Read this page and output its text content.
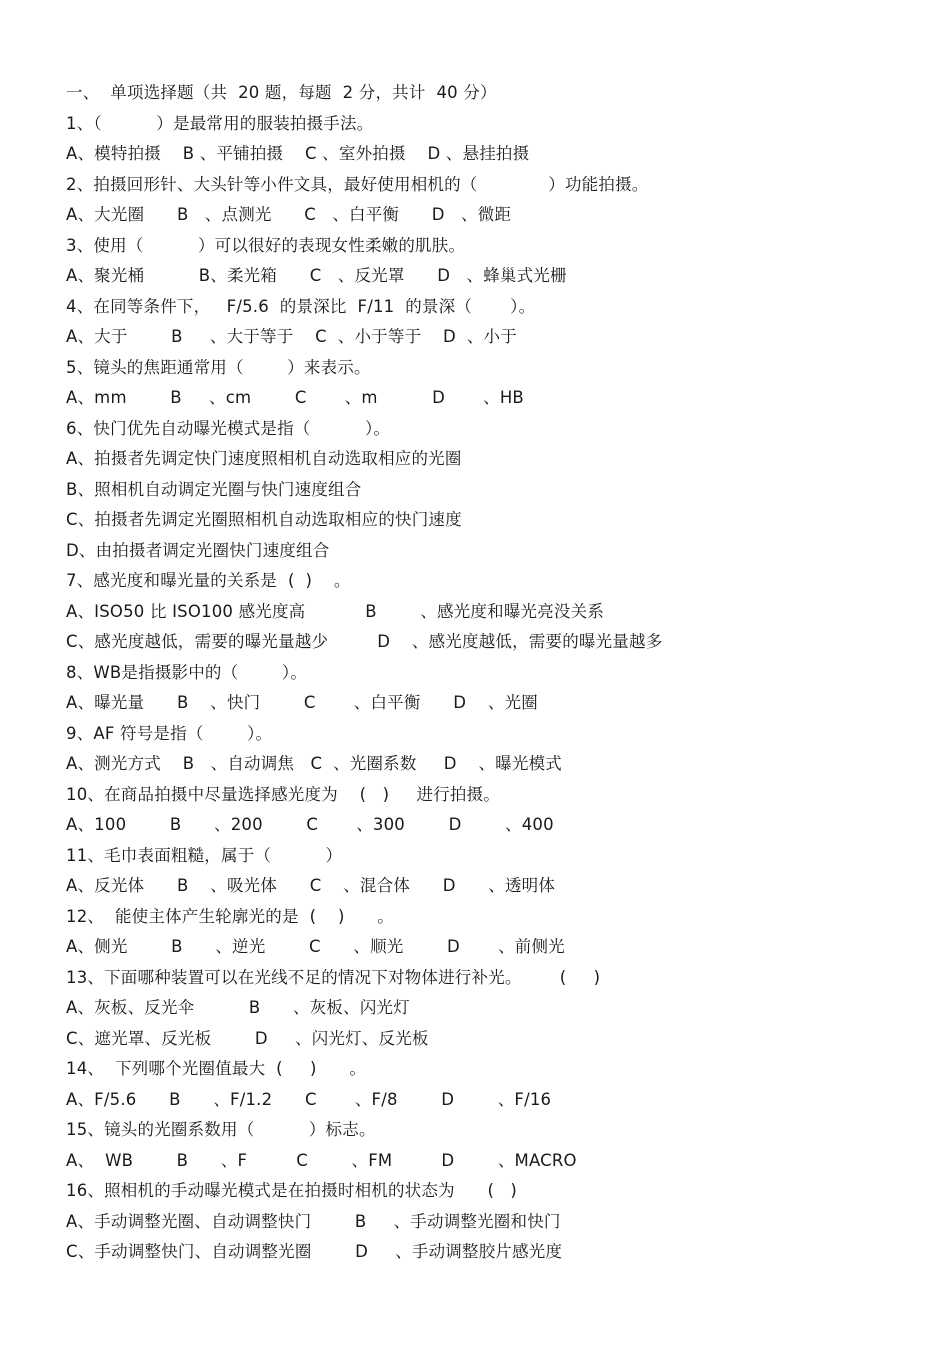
一、  单项选择题（共  20 题，每题  2 分，共计  40 分）
1、（          ）是最常用的服装拍摄手法。
A、模特拍摄    B 、平铺拍摄    C 、室外拍摄    D 、悬挂拍摄
2、拍摄回形针、大头针等小件文具，最好使用相机的（             ）功能拍摄。
A、大光圈      B   、点测光      C   、白平衡      D   、微距
3、使用（          ）可以很好的表现女性柔嫩的肌肤。
A、聚光桶          B、柔光箱      C   、反光罩      D   、蜂巢式光栅
4、在同等条件下，   F/5.6  的景深比  F/11  的景深（       ）。
A、大于        B     、大于等于    C  、小于等于    D  、小于
5、镜头的焦距通常用（        ）来表示。
A、mm        B     、cm        C       、m          D       、HB
6、快门优先自动曝光模式是指（          ）。
A、拍摄者先调定快门速度照相机自动选取相应的光圈
B、照相机自动调定光圈与快门速度组合
C、拍摄者先调定光圈照相机自动选取相应的快门速度
D、由拍摄者调定光圈快门速度组合
7、感光度和曝光量的关系是  (  )    。
A、ISO50 比 ISO100 感光度高           B        、感光度和曝光亮没关系
C、感光度越低，需要的曝光量越少         D    、感光度越低，需要的曝光量越多
8、WB是指摄影中的（        ）。
A、曝光量      B    、快门        C       、白平衡      D    、光圈
9、AF 符号是指（        ）。
A、测光方式    B   、自动调焦   C  、光圈系数     D    、曝光模式
10、在商品拍摄中尽量选择感光度为    (   )     进行拍摄。
A、100        B      、200        C       、300        D        、400
11、毛巾表面粗糙，属于（          ）
A、反光体      B    、吸光体      C    、混合体      D      、透明体
12、  能使主体产生轮廓光的是  (    )      。
A、侧光        B      、逆光        C      、顺光        D       、前侧光
13、下面哪种装置可以在光线不足的情况下对物体进行补光。       (     )
A、灰板、反光伞          B      、灰板、闪光灯
C、遮光罩、反光板        D     、闪光灯、反光板
14、  下列哪个光圈值最大  (     )      。
A、F/5.6      B      、F/1.2      C       、F/8        D        、F/16
15、镜头的光圈系数用（          ）标志。
A、  WB        B      、F         C        、FM         D        、MACRO
16、照相机的手动曝光模式是在拍摄时相机的状态为      (   )
A、手动调整光圈、自动调整快门        B     、手动调整光圈和快门
C、手动调整快门、自动调整光圈        D     、手动调整胶片感光度
